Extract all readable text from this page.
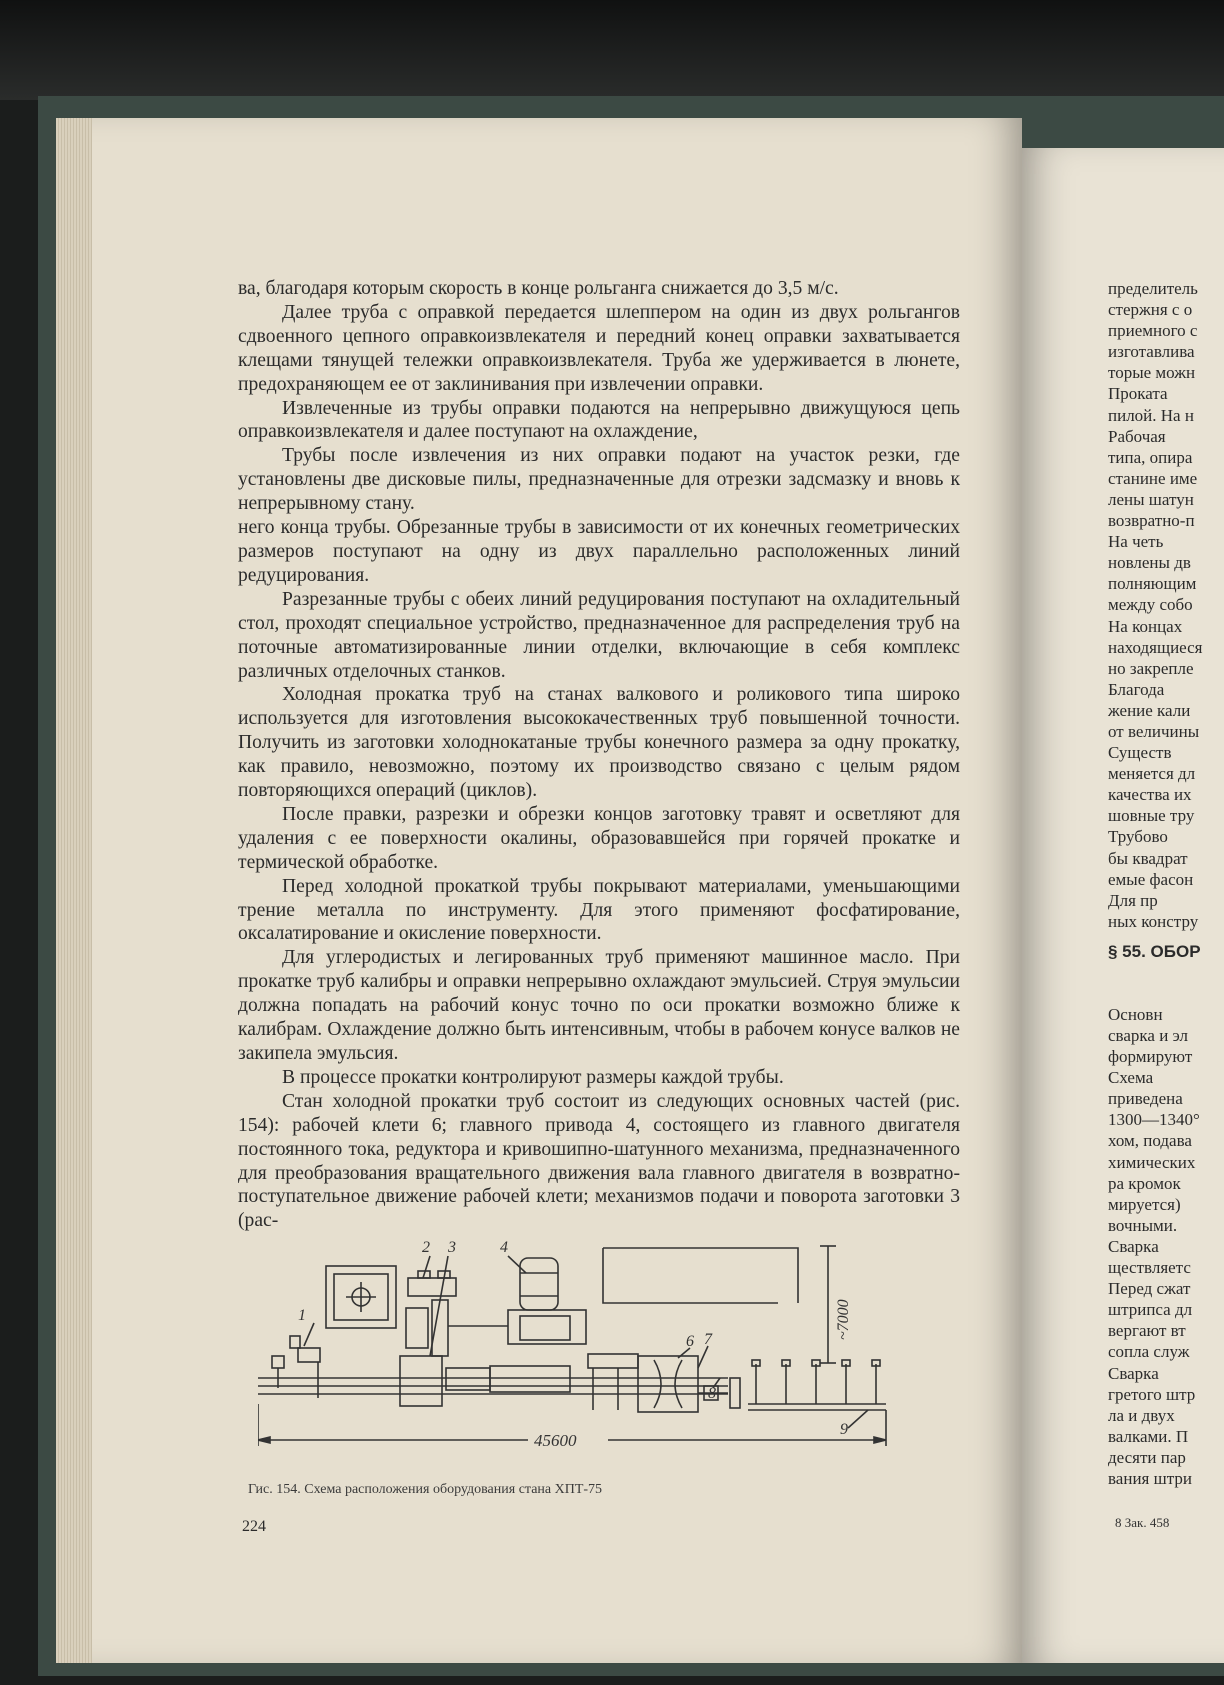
ва, благодаря которым скорость в конце рольганга снижается до 3,5 м/с.

Далее труба с оправкой передается шлеппером на один из двух рольгангов сдвоенного цепного оправкоизвлекателя и передний конец оправки захватывается клещами тянущей тележки оправкоизвлекателя. Труба же удерживается в люнете, предохраняющем ее от заклинивания при извлечении оправки.

Извлеченные из трубы оправки подаются на непрерывно движущуюся цепь оправкоизвлекателя и далее поступают на охлаждение,

Трубы после извлечения из них оправки подают на участок резки, где установлены две дисковые пилы, предназначенные для отрезки задсмазку и вновь к непрерывному стану.

него конца трубы. Обрезанные трубы в зависимости от их конечных геометрических размеров поступают на одну из двух параллельно расположенных линий редуцирования.

Разрезанные трубы с обеих линий редуцирования поступают на охладительный стол, проходят специальное устройство, предназначенное для распределения труб на поточные автоматизированные линии отделки, включающие в себя комплекс различных отделочных станков.

Холодная прокатка труб на станах валкового и роликового типа широко используется для изготовления высококачественных труб повышенной точности. Получить из заготовки холоднокатаные трубы конечного размера за одну прокатку, как правило, невозможно, поэтому их производство связано с целым рядом повторяющихся операций (циклов).

После правки, разрезки и обрезки концов заготовку травят и осветляют для удаления с ее поверхности окалины, образовавшейся при горячей прокатке и термической обработке.

Перед холодной прокаткой трубы покрывают материалами, уменьшающими трение металла по инструменту. Для этого применяют фосфатирование, оксалатирование и окисление поверхности.

Для углеродистых и легированных труб применяют машинное масло. При прокатке труб калибры и оправки непрерывно охлаждают эмульсией. Струя эмульсии должна попадать на рабочий конус точно по оси прокатки возможно ближе к калибрам. Охлаждение должно быть интенсивным, чтобы в рабочем конусе валков не закипела эмульсия.

В процессе прокатки контролируют размеры каждой трубы.

Стан холодной прокатки труб состоит из следующих основных частей (рис. 154): рабочей клети 6; главного привода 4, состоящего из главного двигателя постоянного тока, редуктора и кривошипно-шатунного механизма, предназначенного для преобразования вращательного движения вала главного двигателя в возвратно-поступательное движение рабочей клети; механизмов подачи и поворота заготовки 3 (рас-

1
2 3	4
6 7
8
9
45600
~7000
Гис. 154. Схема расположения оборудования стана ХПТ-75
224
пределитель
стержня с о
приемного с
изготавлива
торые можн
Проката
пилой. На н
Рабочая
типа, опира
станине име
лены шатун
возвратно-п
На четь
новлены дв
полняющим
между собо
На концах
находящиеся
но закрепле
Благода
жение кали
от величины
Существ
меняется дл
качества их
шовные тру
Трубово
бы квадрат
емые фасон
Для пр
ных констру
§ 55. ОБОР
Основн
сварка и эл
формируют
Схема
приведена
1300—1340°
хом, подава
химических
ра кромок
мируется)
вочными.
Сварка
ществляетс
Перед сжат
штрипса дл
вергают вт
сопла служ
Сварка
гретого штр
ла и двух
валками. П
десяти пар
вания штри
8 Зак. 458
